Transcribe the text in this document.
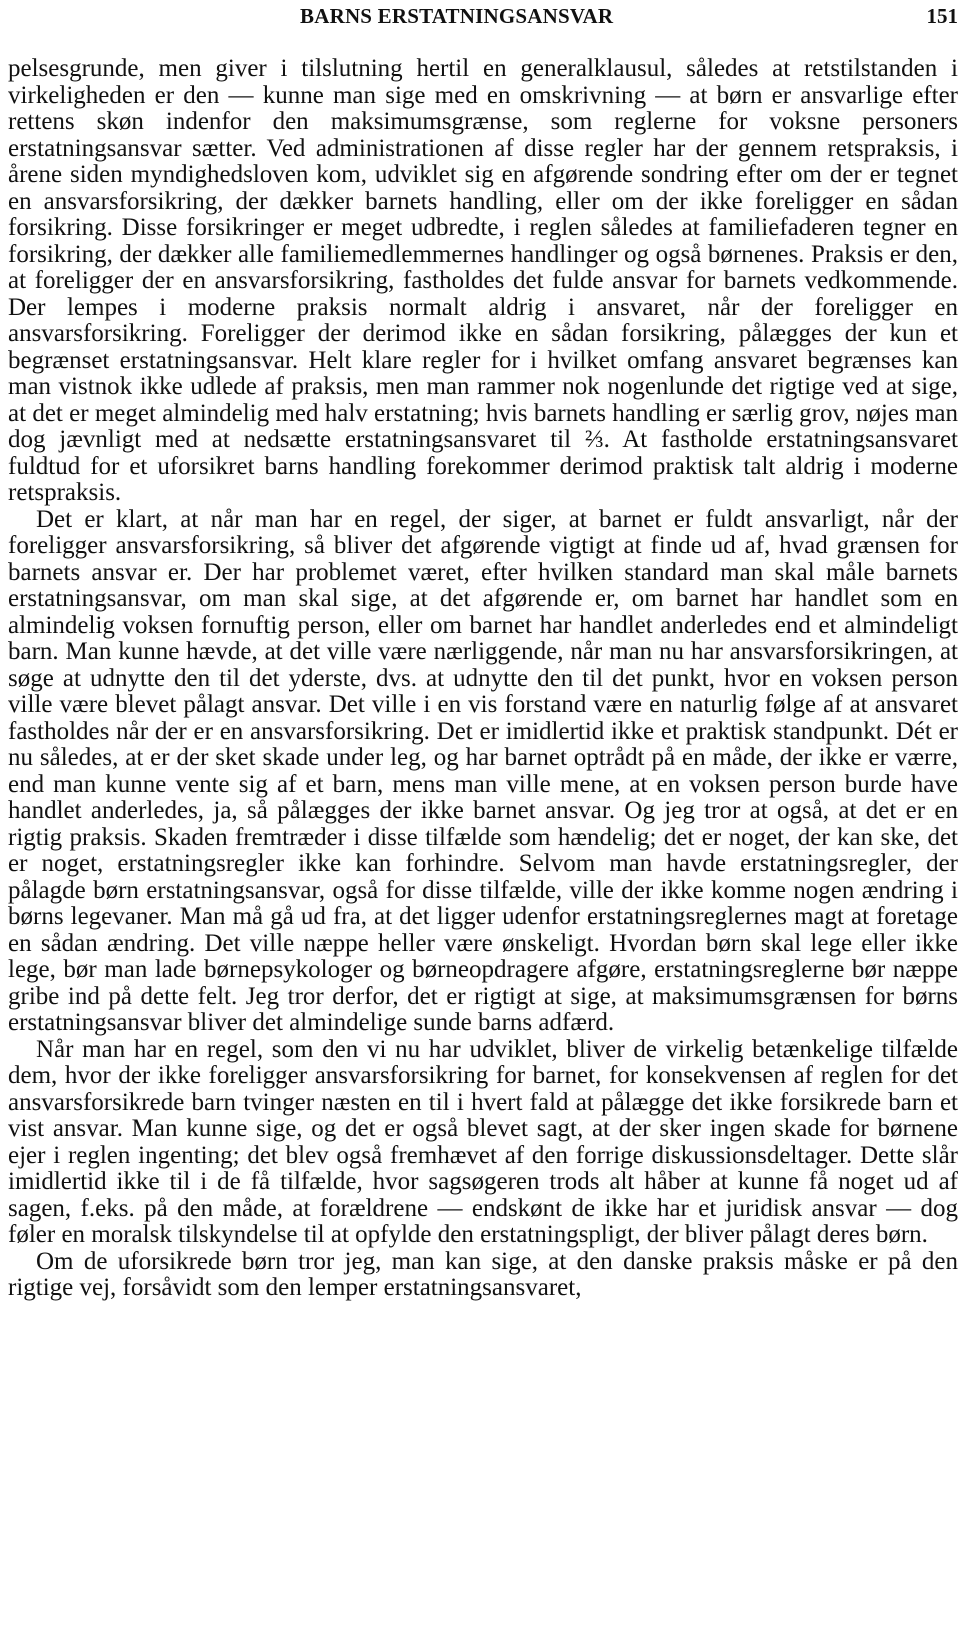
BARNS ERSTATNINGSANSVAR	151

pelsesgrunde, men giver i tilslutning hertil en generalklausul, således at retstilstanden i virkeligheden er den — kunne man sige med en omskrivning — at børn er ansvarlige efter rettens skøn indenfor den maksimumsgrænse, som reglerne for voksne personers erstatningsansvar sætter. Ved administrationen af disse regler har der gennem retspraksis, i årene siden myndighedsloven kom, udviklet sig en afgørende sondring efter om der er tegnet en ansvarsforsikring, der dækker barnets handling, eller om der ikke foreligger en sådan forsikring. Disse forsikringer er meget udbredte, i reglen således at familiefaderen tegner en forsikring, der dækker alle familiemedlemmernes handlinger og også børnenes. Praksis er den, at foreligger der en ansvarsforsikring, fastholdes det fulde ansvar for barnets vedkommende. Der lempes i moderne praksis normalt aldrig i ansvaret, når der foreligger en ansvarsforsikring. Foreligger der derimod ikke en sådan forsikring, pålægges der kun et begrænset erstatningsansvar. Helt klare regler for i hvilket omfang ansvaret begrænses kan man vistnok ikke udlede af praksis, men man rammer nok nogenlunde det rigtige ved at sige, at det er meget almindelig med halv erstatning; hvis barnets handling er særlig grov, nøjes man dog jævnligt med at nedsætte erstatningsansvaret til ⅔. At fastholde erstatningsansvaret fuldtud for et uforsikret barns handling forekommer derimod praktisk talt aldrig i moderne retspraksis.

Det er klart, at når man har en regel, der siger, at barnet er fuldt ansvarligt, når der foreligger ansvarsforsikring, så bliver det afgørende vigtigt at finde ud af, hvad grænsen for barnets ansvar er. Der har problemet været, efter hvilken standard man skal måle barnets erstatningsansvar, om man skal sige, at det afgørende er, om barnet har handlet som en almindelig voksen fornuftig person, eller om barnet har handlet anderledes end et almindeligt barn. Man kunne hævde, at det ville være nærliggende, når man nu har ansvarsforsikringen, at søge at udnytte den til det yderste, dvs. at udnytte den til det punkt, hvor en voksen person ville være blevet pålagt ansvar. Det ville i en vis forstand være en naturlig følge af at ansvaret fastholdes når der er en ansvarsforsikring. Det er imidlertid ikke et praktisk standpunkt. Dét er nu således, at er der sket skade under leg, og har barnet optrådt på en måde, der ikke er værre, end man kunne vente sig af et barn, mens man ville mene, at en voksen person burde have handlet anderledes, ja, så pålægges der ikke barnet ansvar. Og jeg tror at også, at det er en rigtig praksis. Skaden fremtræder i disse tilfælde som hændelig; det er noget, der kan ske, det er noget, erstatningsregler ikke kan forhindre. Selvom man havde erstatningsregler, der pålagde børn erstatningsansvar, også for disse tilfælde, ville der ikke komme nogen ændring i børns legevaner. Man må gå ud fra, at det ligger udenfor erstatningsreglernes magt at foretage en sådan ændring. Det ville næppe heller være ønskeligt. Hvordan børn skal lege eller ikke lege, bør man lade børnepsykologer og børneopdragere afgøre, erstatningsreglerne bør næppe gribe ind på dette felt. Jeg tror derfor, det er rigtigt at sige, at maksimumsgrænsen for børns erstatningsansvar bliver det almindelige sunde barns adfærd.

Når man har en regel, som den vi nu har udviklet, bliver de virkelig betænkelige tilfælde dem, hvor der ikke foreligger ansvarsforsikring for barnet, for konsekvensen af reglen for det ansvarsforsikrede barn tvinger næsten en til i hvert fald at pålægge det ikke forsikrede barn et vist ansvar. Man kunne sige, og det er også blevet sagt, at der sker ingen skade for børnene ejer i reglen ingenting; det blev også fremhævet af den forrige diskussionsdeltager. Dette slår imidlertid ikke til i de få tilfælde, hvor sagsøgeren trods alt håber at kunne få noget ud af sagen, f.eks. på den måde, at forældrene — endskønt de ikke har et juridisk ansvar — dog føler en moralsk tilskyndelse til at opfylde den erstatningspligt, der bliver pålagt deres børn.

Om de uforsikrede børn tror jeg, man kan sige, at den danske praksis måske er på den rigtige vej, forsåvidt som den lemper erstatningsansvaret,
